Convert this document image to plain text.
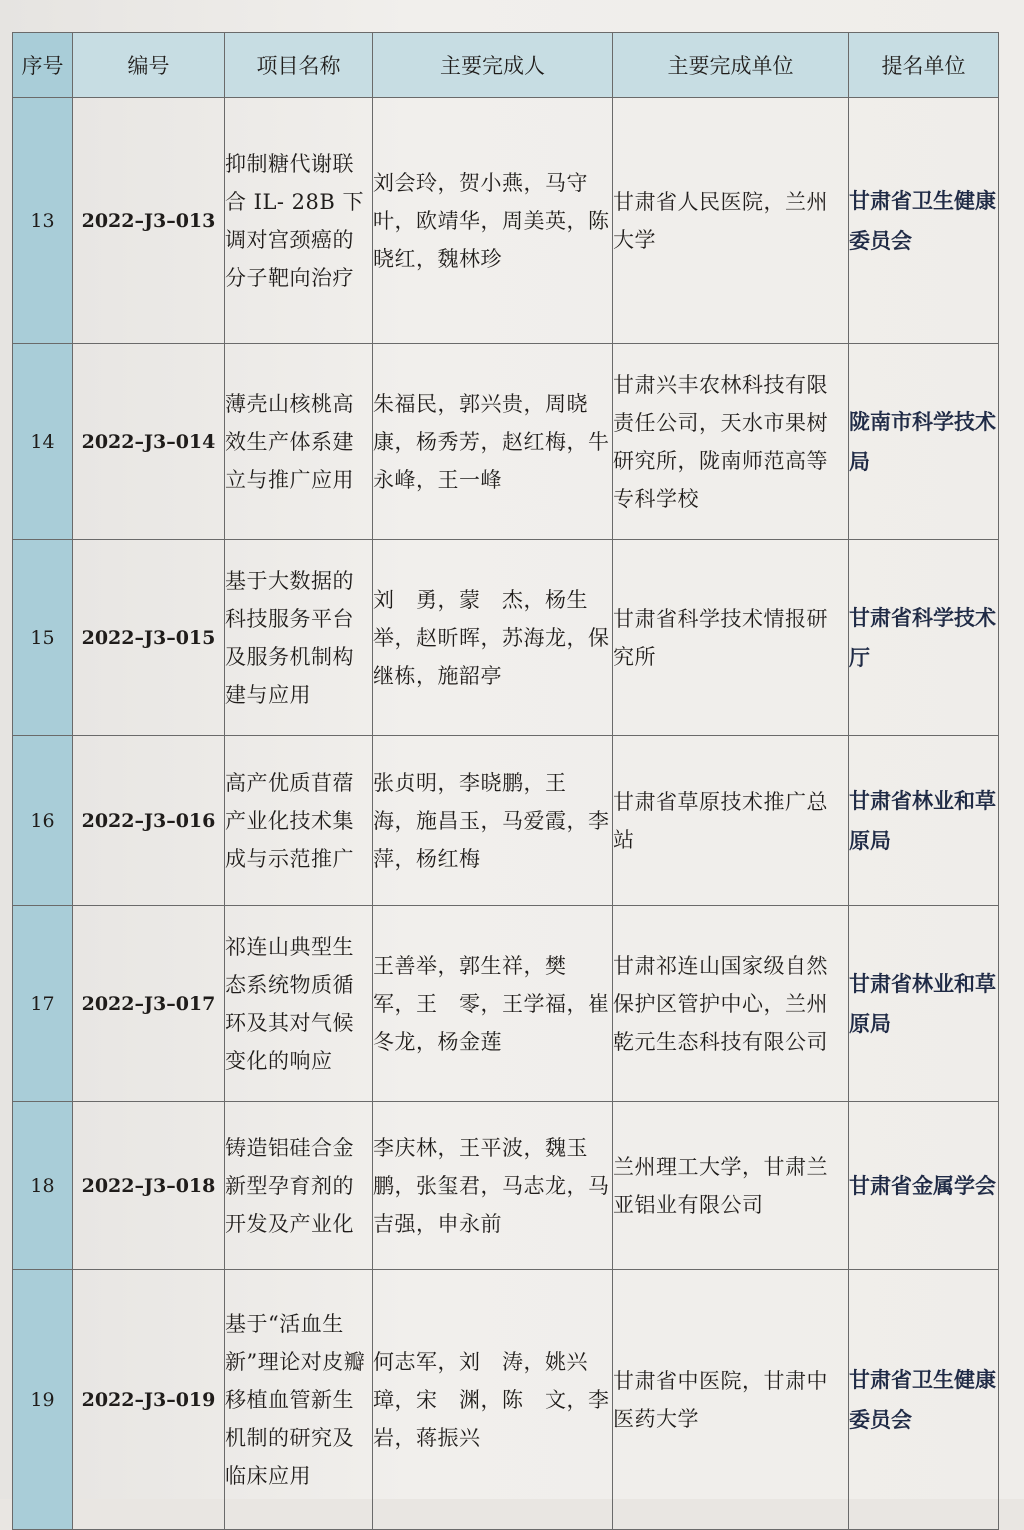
序号	编号	项目名称	主要完成人	主要完成单位	提名单位
13	2022–J3–013	抑制糖代谢联合 IL- 28B 下调对宫颈癌的分子靶向治疗	刘会玲，贺小燕，马守叶，欧靖华，周美英，陈晓红，魏林珍	甘肃省人民医院，兰州大学	甘肃省卫生健康委员会
14	2022–J3–014	薄壳山核桃高效生产体系建立与推广应用	朱福民，郭兴贵，周晓康，杨秀芳，赵红梅，牛永峰，王一峰	甘肃兴丰农林科技有限责任公司，天水市果树研究所，陇南师范高等专科学校	陇南市科学技术局
15	2022–J3–015	基于大数据的科技服务平台及服务机制构建与应用	刘　勇，蒙　杰，杨生举，赵昕晖，苏海龙，保继栋，施韶亭	甘肃省科学技术情报研究所	甘肃省科学技术厅
16	2022–J3–016	高产优质苜蓿产业化技术集成与示范推广	张贞明，李晓鹏，王　海，施昌玉，马爱霞，李　萍，杨红梅	甘肃省草原技术推广总站	甘肃省林业和草原局
17	2022–J3–017	祁连山典型生态系统物质循环及其对气候变化的响应	王善举，郭生祥，樊　军，王　零，王学福，崔冬龙，杨金莲	甘肃祁连山国家级自然保护区管护中心，兰州乾元生态科技有限公司	甘肃省林业和草原局
18	2022–J3–018	铸造铝硅合金新型孕育剂的开发及产业化	李庆林，王平波，魏玉鹏，张玺君，马志龙，马吉强，申永前	兰州理工大学，甘肃兰亚铝业有限公司	甘肃省金属学会
19	2022–J3–019	基于“活血生新”理论对皮瓣移植血管新生机制的研究及临床应用	何志军，刘　涛，姚兴璋，宋　渊，陈　文，李　岩，蒋振兴	甘肃省中医院，甘肃中医药大学	甘肃省卫生健康委员会
